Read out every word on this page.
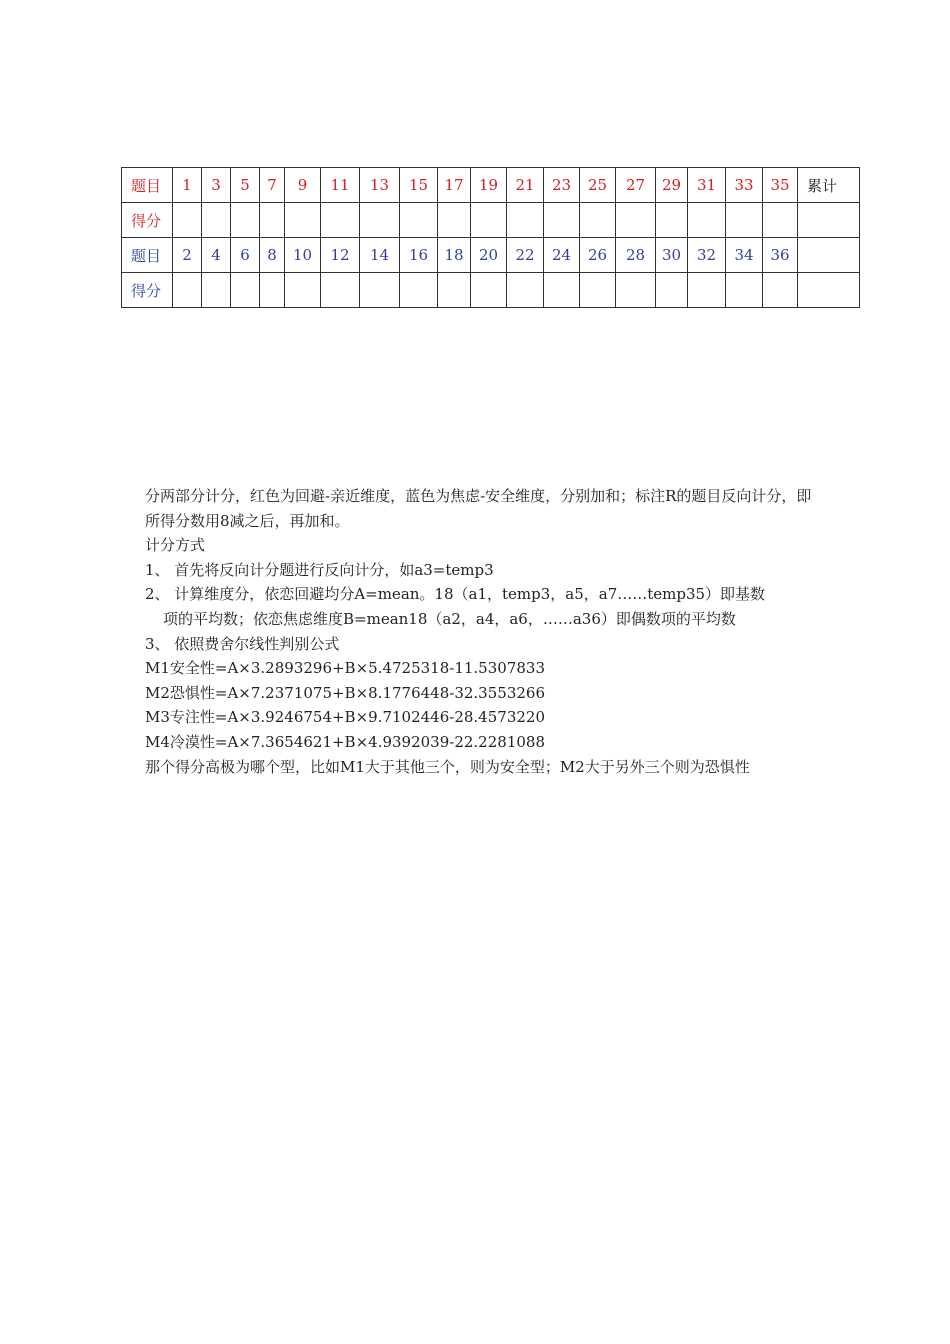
题目	1	3	5	7	9	11	13	15	17	19	21	23	25	27	29	31	33	35	累计
得分																			
题目	2	4	6	8	10	12	14	16	18	20	22	24	26	28	30	32	34	36	
得分																			

分两部分计分，红色为回避-亲近维度，蓝色为焦虑-安全维度，分别加和；标注R的题目反向计分，即所得分数用8减之后，再加和。

计分方式

1、 首先将反向计分题进行反向计分，如a3=temp3

2、 计算维度分，依恋回避均分A=mean。18（a1，temp3，a5，a7……temp35）即基数

项的平均数；依恋焦虑维度B=mean18（a2，a4，a6，……a36）即偶数项的平均数

3、 依照费舍尔线性判别公式

M1安全性=A×3.2893296+B×5.4725318-11.5307833

M2恐惧性=A×7.2371075+B×8.1776448-32.3553266

M3专注性=A×3.9246754+B×9.7102446-28.4573220

M4冷漠性=A×7.3654621+B×4.9392039-22.2281088

那个得分高极为哪个型，比如M1大于其他三个，则为安全型；M2大于另外三个则为恐惧性
